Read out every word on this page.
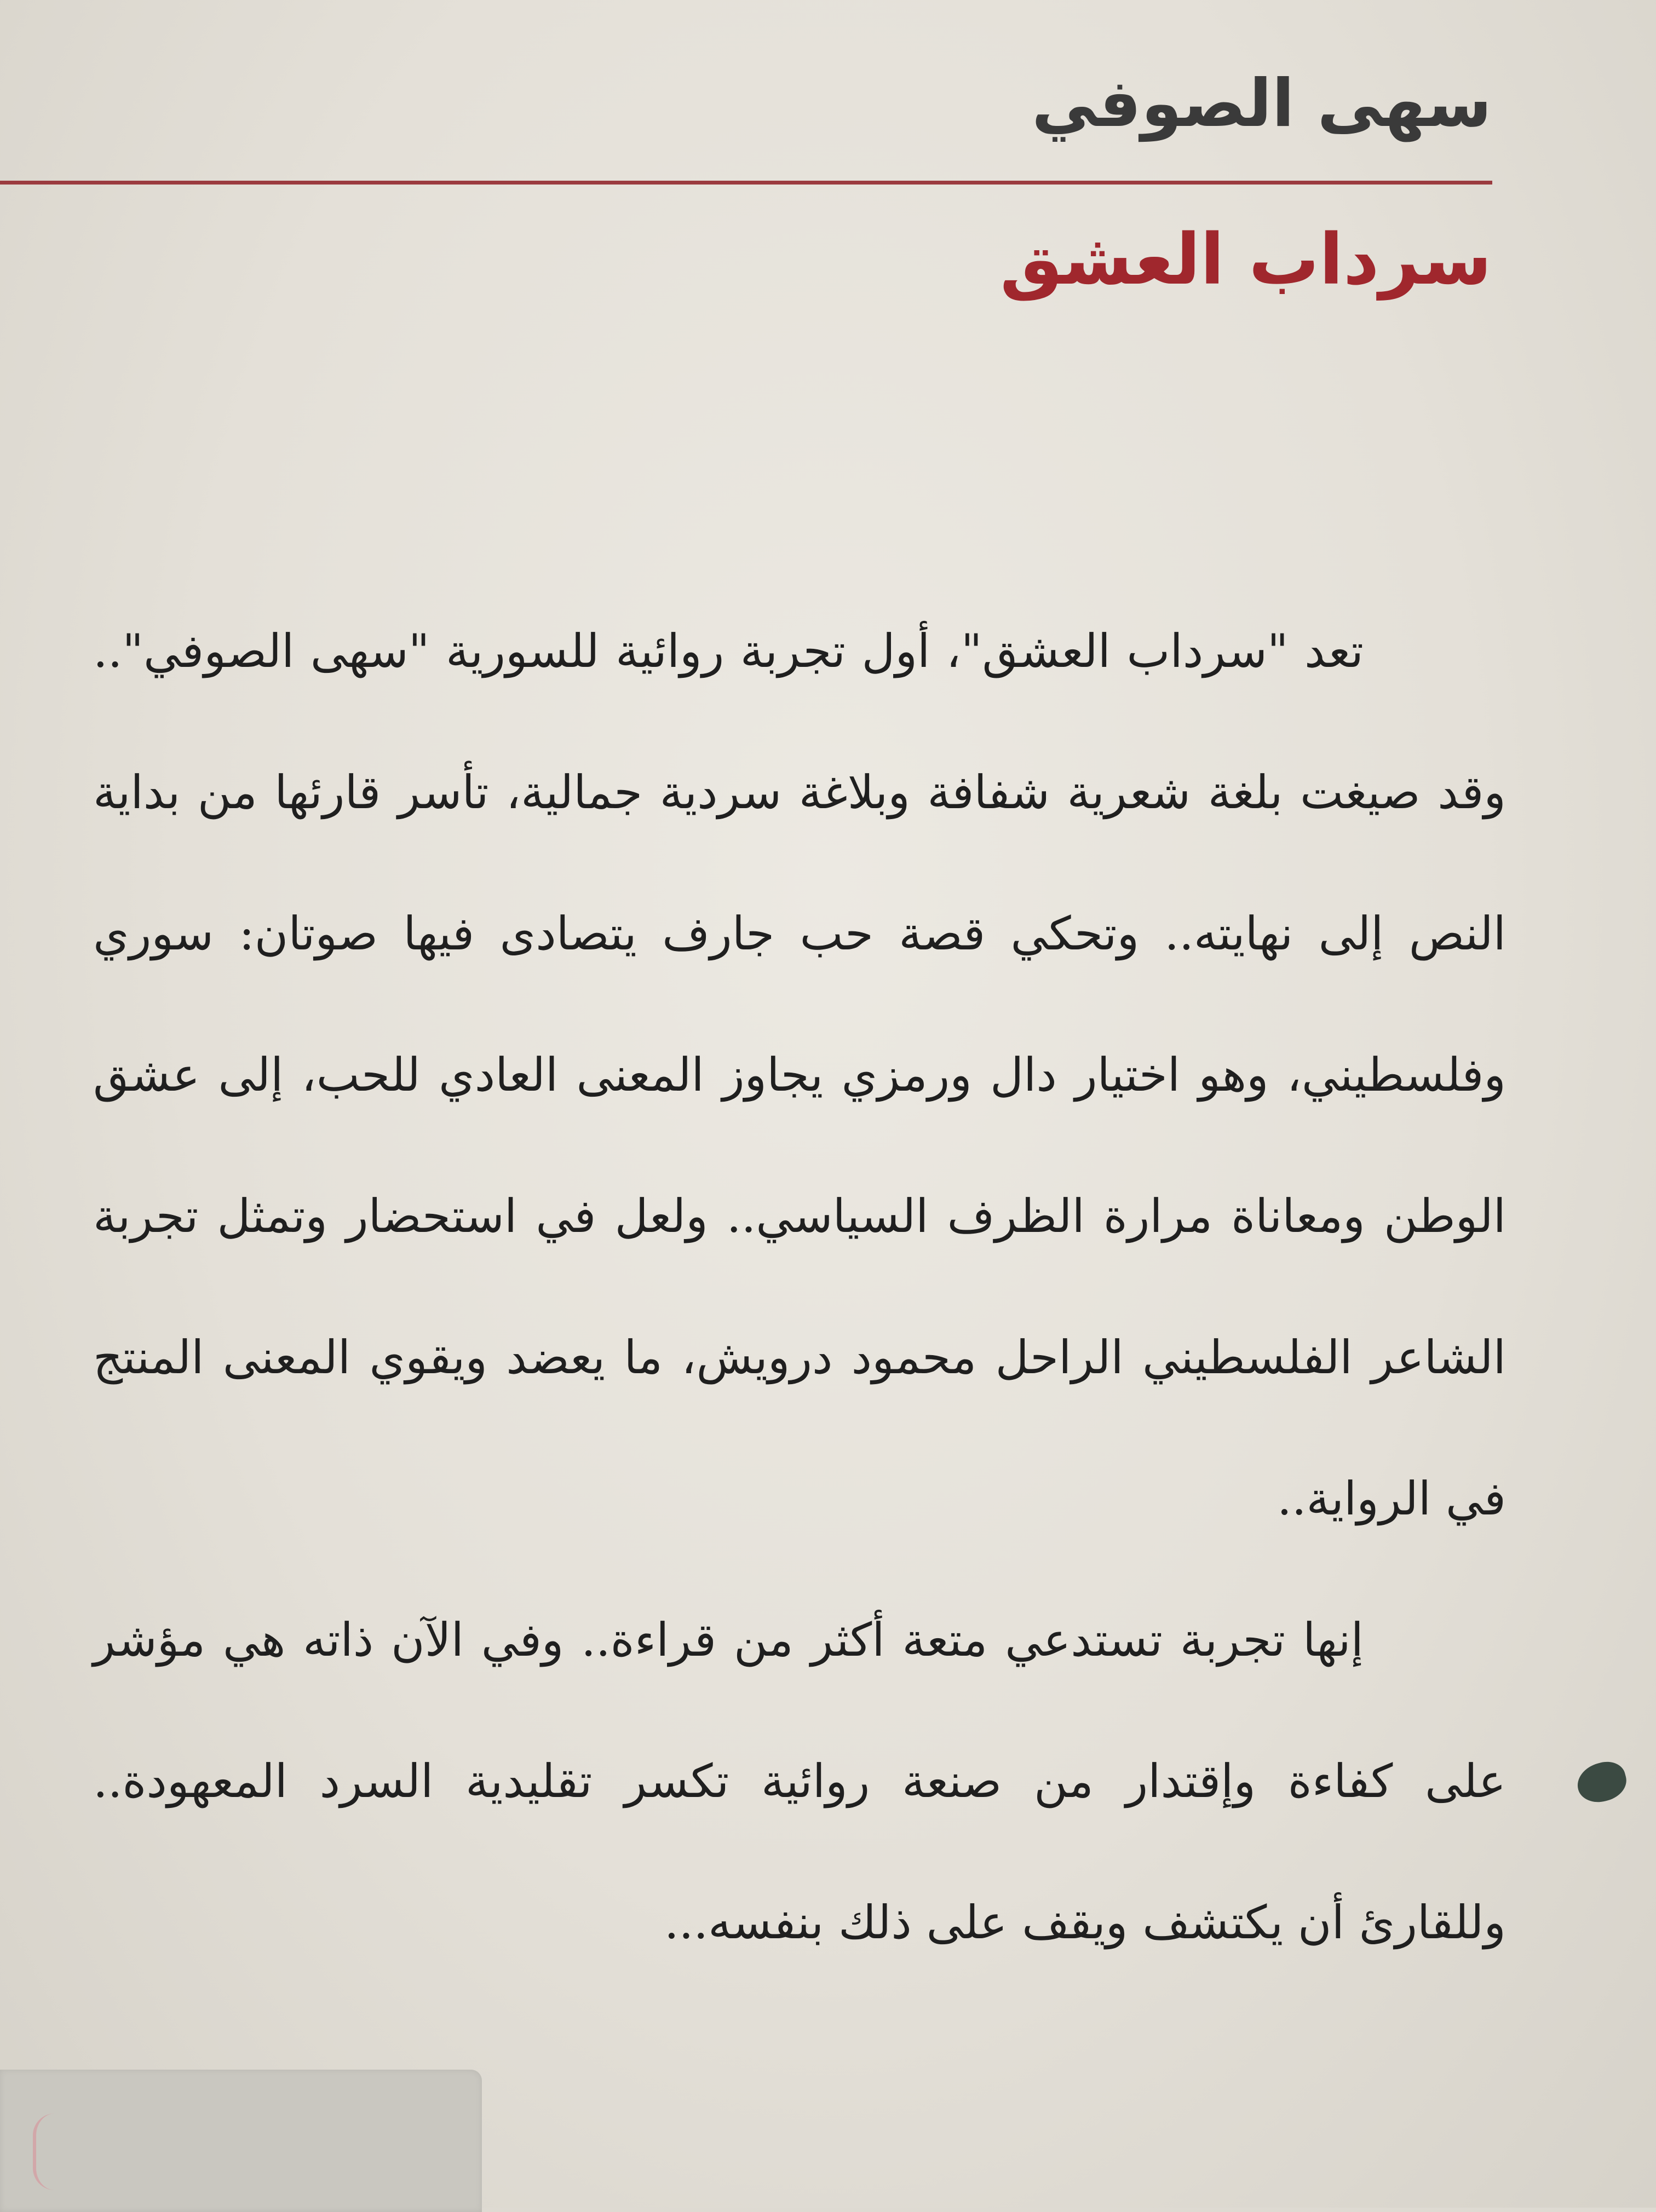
سهى الصوفي
سرداب العشق

تعد "سرداب العشق"، أول تجربة روائية للسورية "سهى الصوفي".. وقد صيغت بلغة شعرية شفافة وبلاغة سردية جمالية، تأسر قارئها من بداية النص إلى نهايته.. وتحكي قصة حب جارف يتصادى فيها صوتان: سوري وفلسطيني، وهو اختيار دال ورمزي يجاوز المعنى العادي للحب، إلى عشق الوطن ومعاناة مرارة الظرف السياسي.. ولعل في استحضار وتمثل تجربة الشاعر الفلسطيني الراحل محمود درويش، ما يعضد ويقوي المعنى المنتج في الرواية..

إنها تجربة تستدعي متعة أكثر من قراءة.. وفي الآن ذاته هي مؤشر على كفاءة وإقتدار من صنعة روائية تكسر تقليدية السرد المعهودة.. وللقارئ أن يكتشف ويقف على ذلك بنفسه...
